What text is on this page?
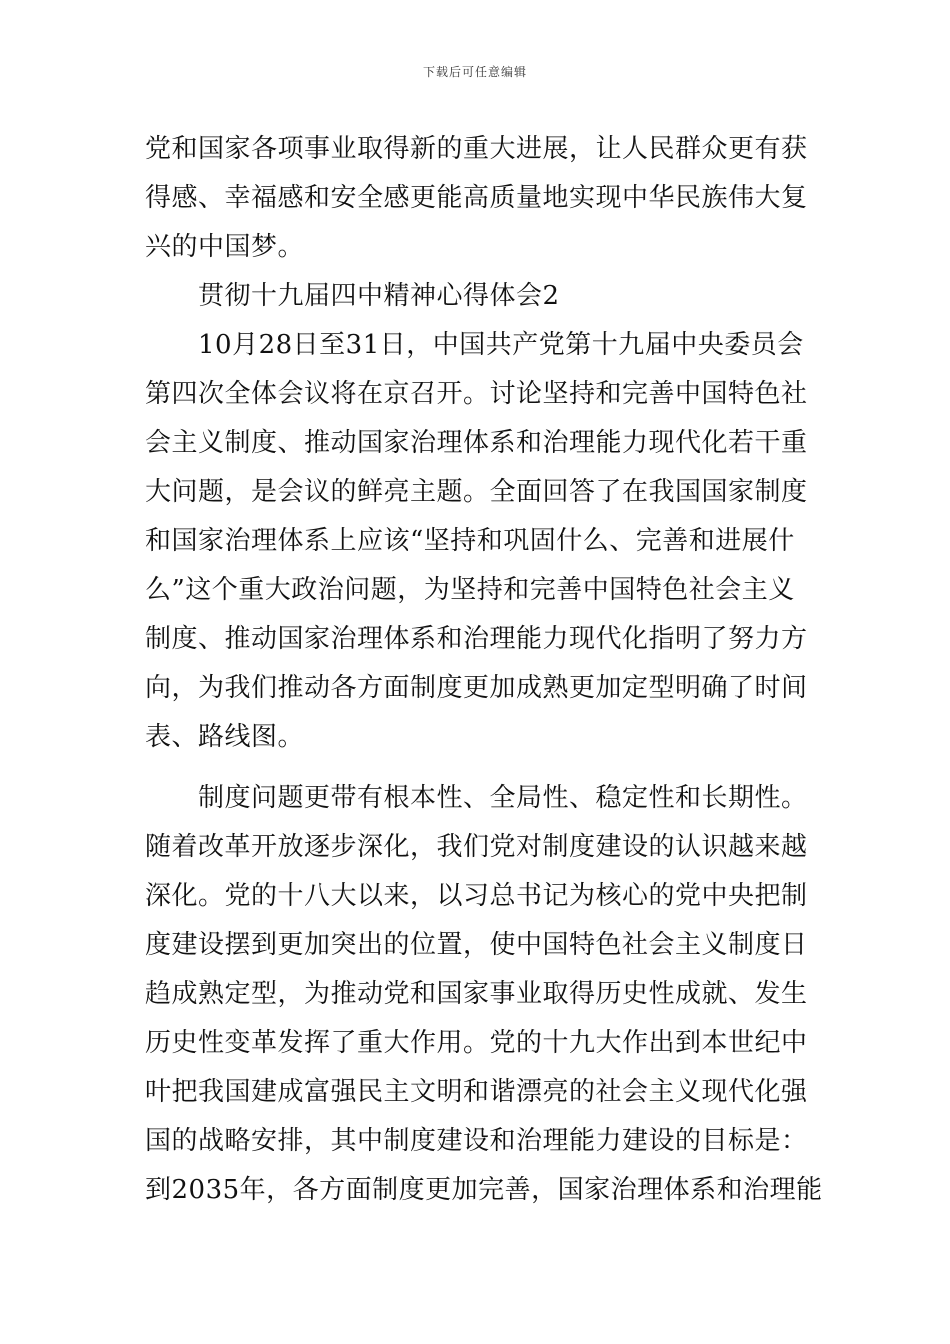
下载后可任意编辑
党和国家各项事业取得新的重大进展，让人民群众更有获
得感、幸福感和安全感更能高质量地实现中华民族伟大复
兴的中国梦。
　　贯彻十九届四中精神心得体会2
　　10月28日至31日，中国共产党第十九届中央委员会
第四次全体会议将在京召开。讨论坚持和完善中国特色社
会主义制度、推动国家治理体系和治理能力现代化若干重
大问题，是会议的鲜亮主题。全面回答了在我国国家制度
和国家治理体系上应该“坚持和巩固什么、完善和进展什
么”这个重大政治问题，为坚持和完善中国特色社会主义
制度、推动国家治理体系和治理能力现代化指明了努力方
向，为我们推动各方面制度更加成熟更加定型明确了时间
表、路线图。
　　制度问题更带有根本性、全局性、稳定性和长期性。
随着改革开放逐步深化，我们党对制度建设的认识越来越
深化。党的十八大以来，以习总书记为核心的党中央把制
度建设摆到更加突出的位置，使中国特色社会主义制度日
趋成熟定型，为推动党和国家事业取得历史性成就、发生
历史性变革发挥了重大作用。党的十九大作出到本世纪中
叶把我国建成富强民主文明和谐漂亮的社会主义现代化强
国的战略安排，其中制度建设和治理能力建设的目标是：
到2035年，各方面制度更加完善，国家治理体系和治理能
